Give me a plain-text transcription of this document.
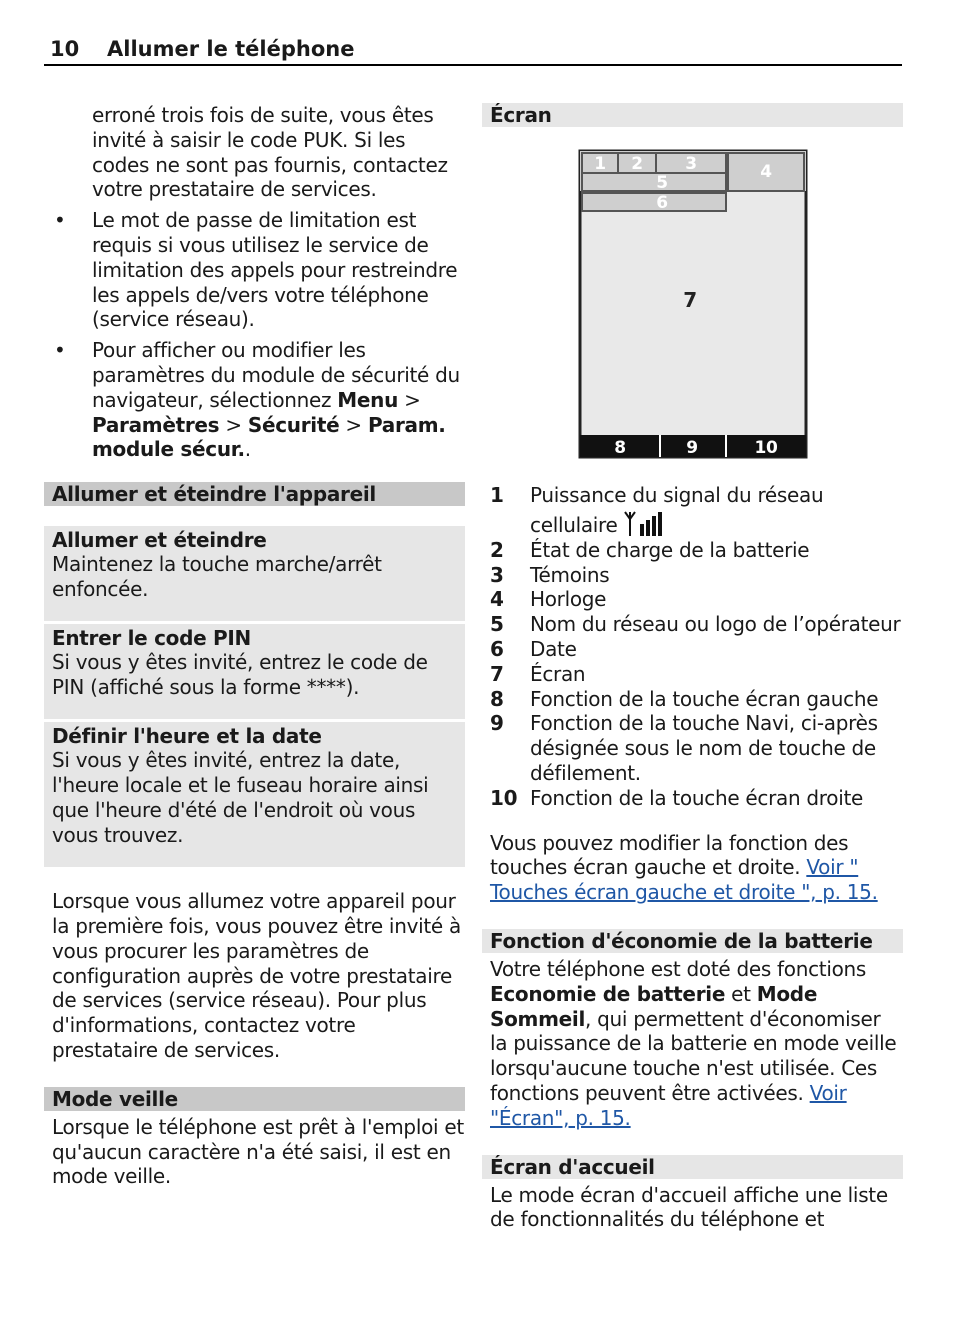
10 Allumer le téléphone

erroné trois fois de suite, vous êtes invité à saisir le code PUK. Si les codes ne sont pas fournis, contactez votre prestataire de services.

• Le mot de passe de limitation est requis si vous utilisez le service de limitation des appels pour restreindre les appels de/vers votre téléphone (service réseau).
• Pour afficher ou modifier les paramètres du module de sécurité du navigateur, sélectionnez Menu > Paramètres > Sécurité > Param. module sécur..
Allumer et éteindre l'appareil
Allumer et éteindre

Maintenez la touche marche/arrêt enfoncée.

Entrer le code PIN

Si vous y êtes invité, entrez le code de PIN (affiché sous la forme ****).

Définir l'heure et la date

Si vous y êtes invité, entrez la date, l'heure locale et le fuseau horaire ainsi que l'heure d'été de l'endroit où vous vous trouvez.

Lorsque vous allumez votre appareil pour la première fois, vous pouvez être invité à vous procurer les paramètres de configuration auprès de votre prestataire de services (service réseau). Pour plus d'informations, contactez votre prestataire de services.

Mode veille

Lorsque le téléphone est prêt à l'emploi et qu'aucun caractère n'a été saisi, il est en mode veille.

Écran
1 2 3	4
5
6
7
8	9	10
1	Puissance du signal du réseau cellulaire
2	État de charge de la batterie
3	Témoins
4	Horloge
5	Nom du réseau ou logo de l’opérateur
6	Date
7	Écran
8	Fonction de la touche écran gauche
9	Fonction de la touche Navi, ci-après désignée sous le nom de touche de défilement.
10 Fonction de la touche écran droite

Vous pouvez modifier la fonction des touches écran gauche et droite. Voir " Touches écran gauche et droite ", p. 15.

Fonction d'économie de la batterie

Votre téléphone est doté des fonctions Economie de batterie et Mode Sommeil, qui permettent d'économiser la puissance de la batterie en mode veille lorsqu'aucune touche n'est utilisée. Ces fonctions peuvent être activées. Voir "Écran", p. 15.

Écran d'accueil

Le mode écran d'accueil affiche une liste de fonctionnalités du téléphone et
